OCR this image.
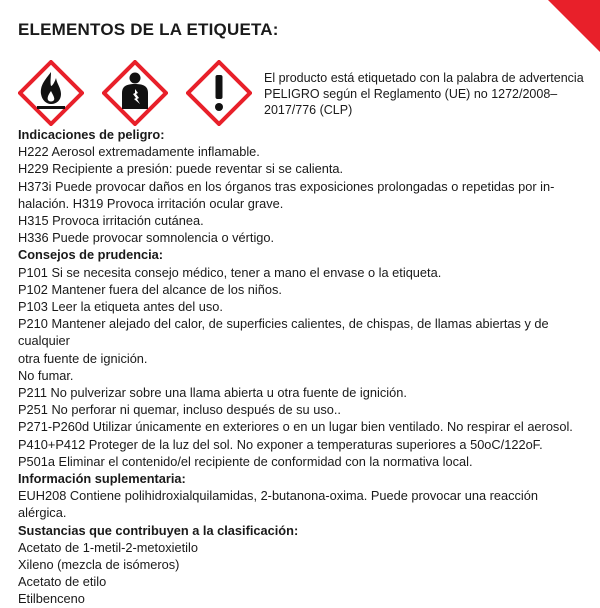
ELEMENTOS DE LA ETIQUETA:

El producto está etiquetado con la palabra de advertencia PELIGRO según el Reglamento (UE) no 1272/2008–2017/776 (CLP)

Indicaciones de peligro:

H222 Aerosol extremadamente inflamable.

H229 Recipiente a presión: puede reventar si se calienta.

H373i Puede provocar daños en los órganos tras exposiciones prolongadas o repetidas por in-

halación. H319 Provoca irritación ocular grave.

H315 Provoca irritación cutánea.

H336 Puede provocar somnolencia o vértigo.

Consejos de prudencia:

P101 Si se necesita consejo médico, tener a mano el envase o la etiqueta.

P102 Mantener fuera del alcance de los niños.

P103 Leer la etiqueta antes del uso.

P210 Mantener alejado del calor, de superficies calientes, de chispas, de llamas abiertas y de cualquier

otra fuente de ignición.

No fumar.

P211 No pulverizar sobre una llama abierta u otra fuente de ignición.

P251 No perforar ni quemar, incluso después de su uso..

P271-P260d Utilizar únicamente en exteriores o en un lugar bien ventilado. No respirar el aerosol.

P410+P412 Proteger de la luz del sol. No exponer a temperaturas superiores a 50oC/122oF.

P501a Eliminar el contenido/el recipiente de conformidad con la normativa local.

Información suplementaria:

EUH208 Contiene polihidroxialquilamidas, 2-butanona-oxima. Puede provocar una reacción alérgica.

Sustancias que contribuyen a la clasificación:

Acetato de 1-metil-2-metoxietilo

Xileno (mezcla de isómeros)

Acetato de etilo

Etilbenceno
